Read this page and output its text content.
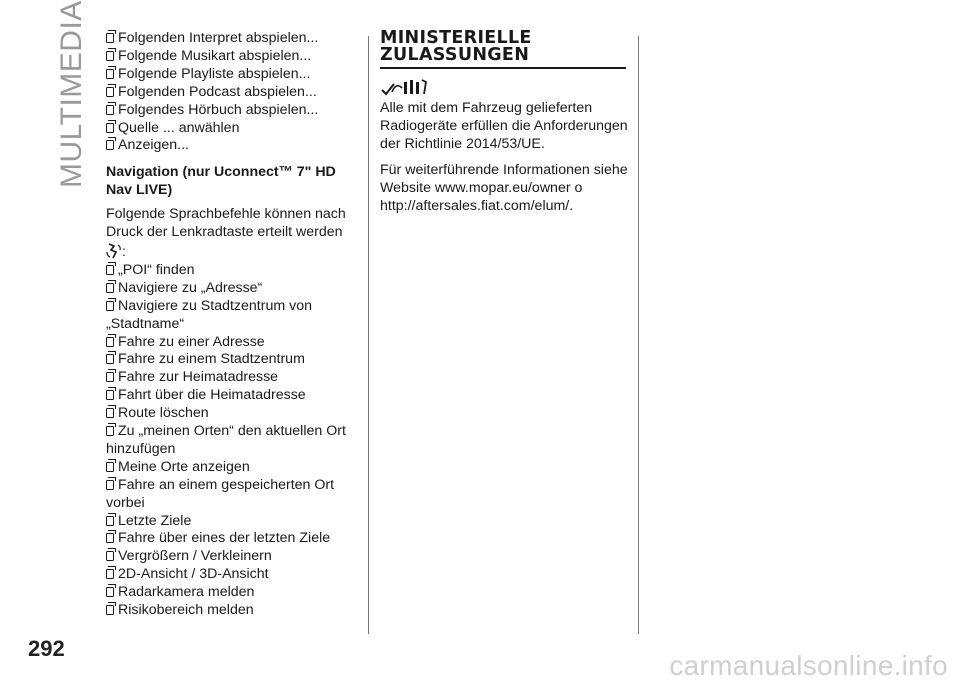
MULTIMEDIA	Folgenden Interpret abspielen...
Folgende Musikart abspielen...
Folgende Playliste abspielen...
Folgenden Podcast abspielen...
Folgendes Hörbuch abspielen...
Quelle ... anwählen
Anzeigen...
Navigation (nur Uconnect™ 7" HD Nav LIVE)
Folgende Sprachbefehle können nach Druck der Lenkradtaste erteilt werden
:
„POI“ finden
Navigiere zu „Adresse“
Navigiere zu Stadtzentrum von „Stadtname“
Fahre zu einer Adresse
Fahre zu einem Stadtzentrum
Fahre zur Heimatadresse
Fahrt über die Heimatadresse
Route löschen
Zu „meinen Orten“ den aktuellen Ort hinzufügen
Meine Orte anzeigen
Fahre an einem gespeicherten Ort vorbei
Letzte Ziele
Fahre über eines der letzten Ziele
Vergrößern / Verkleinern
2D-Ansicht / 3D-Ansicht
Radarkamera melden
Risikobereich melden
MINISTERIELLE
ZULASSUNGEN
Alle mit dem Fahrzeug gelieferten Radiogeräte erfüllen die Anforderungen der Richtlinie 2014/53/UE.
Für weiterführende Informationen siehe Website www.mopar.eu/owner o http://aftersales.fiat.com/elum/.
292
carmanualsonline.info
